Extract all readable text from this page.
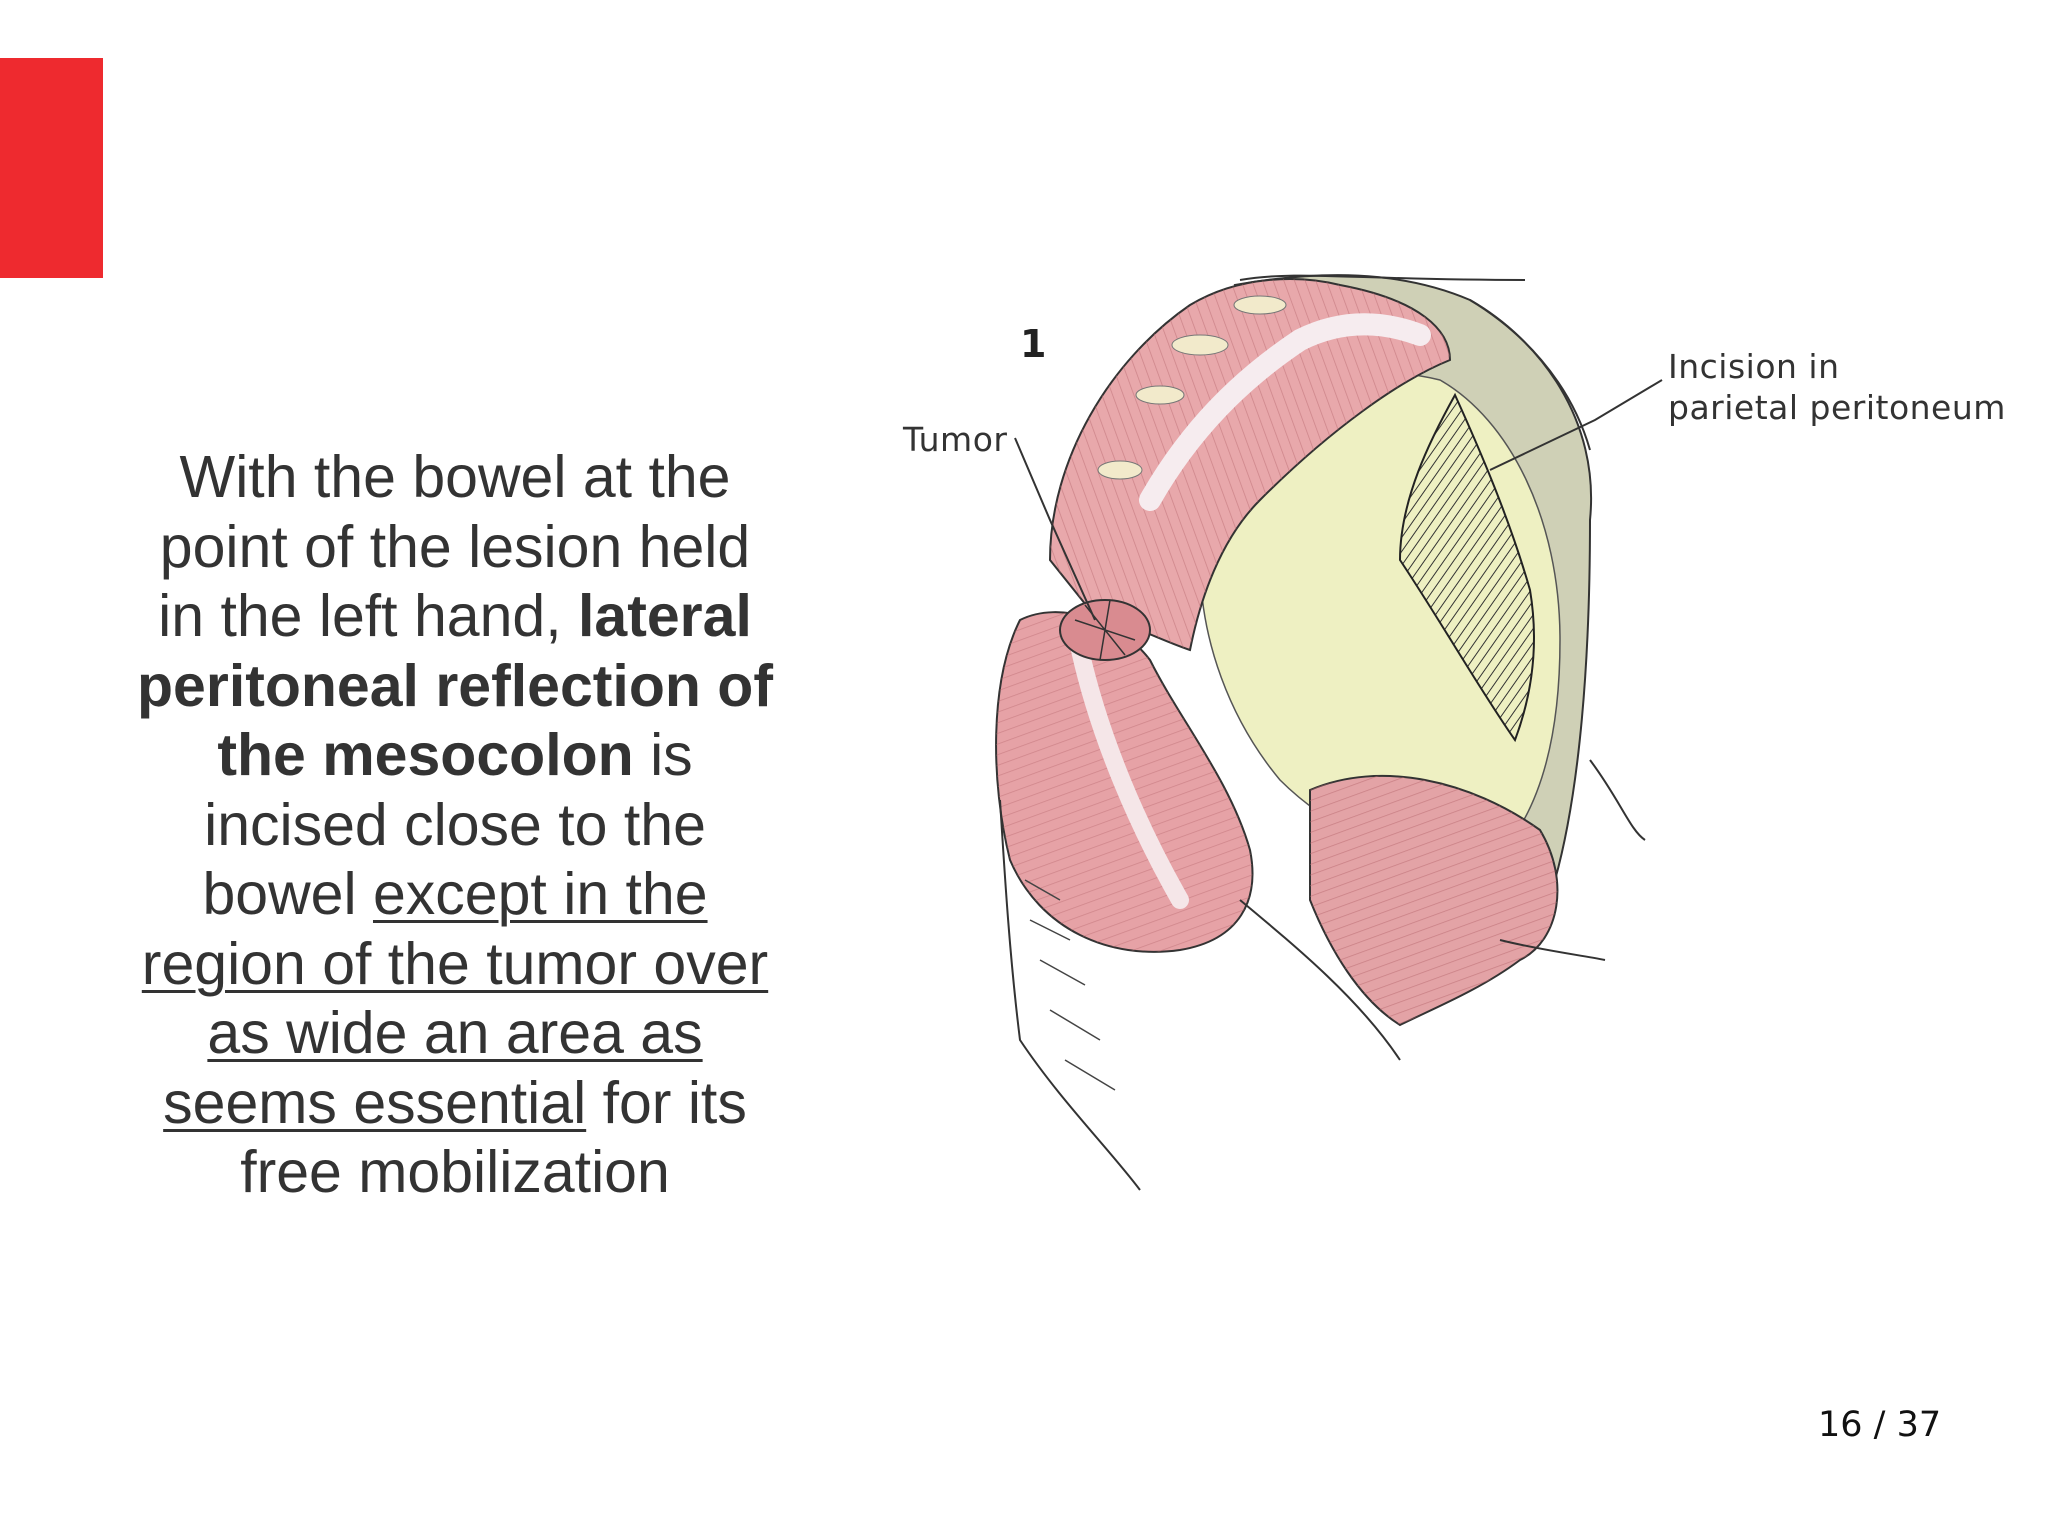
With the bowel at the point of the lesion held in the left hand, lateral peritoneal reflection of the mesocolon is incised close to the bowel except in the region of the tumor over as wide an area as seems essential for its free mobilization
1
Tumor
Incision in
parietal peritoneum
16 / 37
